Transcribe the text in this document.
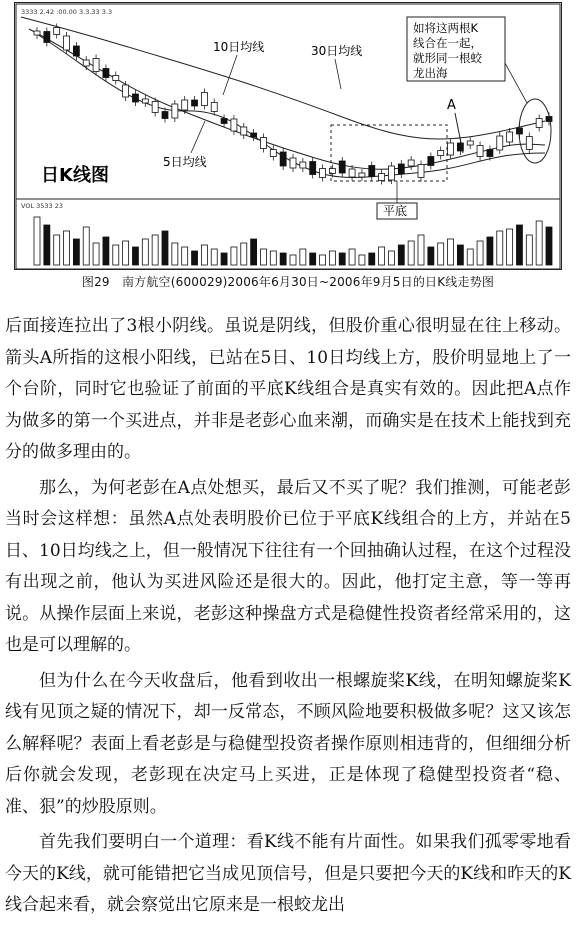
3333 2.42 :00.00 3.3.33 3.3
10日均线	30日均线
5日均线
A
日K线图
平底
如将这两根K
线合在一起，
就形同一根蛟
龙出海
VOL 3533 23
图29　南方航空(600029)2006年6月30日~2006年9月5日的日K线走势图

后面接连拉出了3根小阴线。虽说是阴线，但股价重心很明显在往上移动。箭头A所指的这根小阳线，已站在5日、10日均线上方，股价明显地上了一个台阶，同时它也验证了前面的平底K线组合是真实有效的。因此把A点作为做多的第一个买进点，并非是老彭心血来潮，而确实是在技术上能找到充分的做多理由的。

那么，为何老彭在A点处想买，最后又不买了呢？我们推测，可能老彭当时会这样想：虽然A点处表明股价已位于平底K线组合的上方，并站在5日、10日均线之上，但一般情况下往往有一个回抽确认过程，在这个过程没有出现之前，他认为买进风险还是很大的。因此，他打定主意，等一等再说。从操作层面上来说，老彭这种操盘方式是稳健性投资者经常采用的，这也是可以理解的。

但为什么在今天收盘后，他看到收出一根螺旋桨K线，在明知螺旋桨K线有见顶之疑的情况下，却一反常态，不顾风险地要积极做多呢？这又该怎么解释呢？表面上看老彭是与稳健型投资者操作原则相违背的，但细细分析后你就会发现，老彭现在决定马上买进，正是体现了稳健型投资者“稳、准、狠”的炒股原则。

首先我们要明白一个道理：看K线不能有片面性。如果我们孤零零地看今天的K线，就可能错把它当成见顶信号，但是只要把今天的K线和昨天的K线合起来看，就会察觉出它原来是一根蛟龙出
